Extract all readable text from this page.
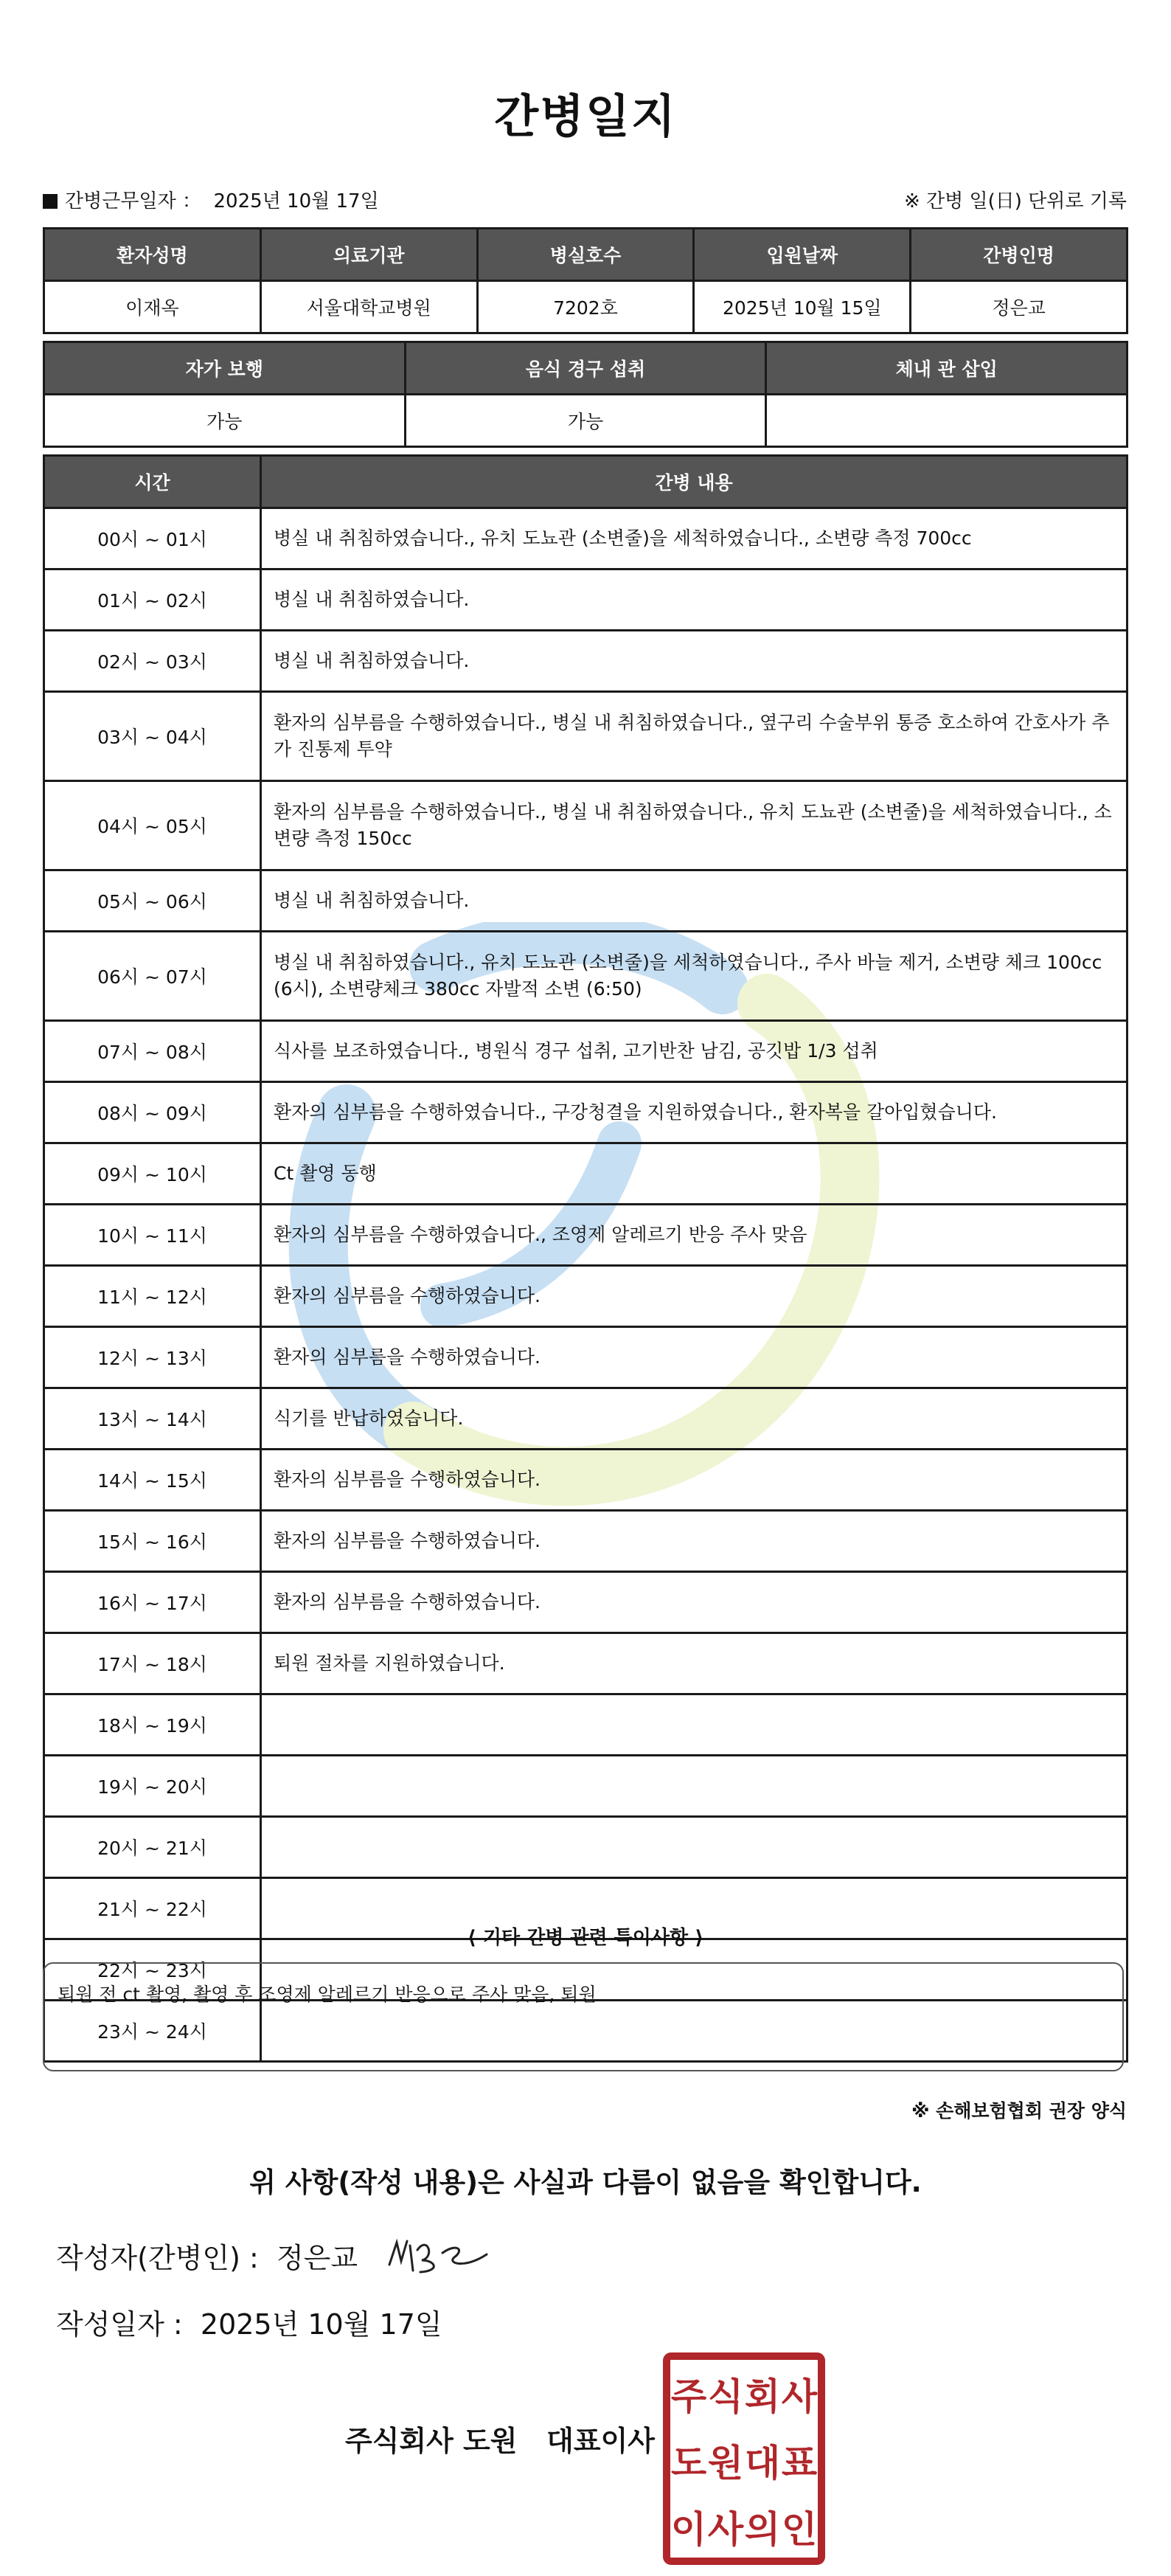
간병일지
간병근무일자 ： 2025년 10월 17일	※ 간병 일(日) 단위로 기록
환자성명	의료기관	병실호수	입원날짜	간병인명
이재옥	서울대학교병원	7202호	2025년 10월 15일	정은교
자가 보행	음식 경구 섭취	체내 관 삽입
가능	가능	
시간	간병 내용
00시 ~ 01시	병실 내 취침하였습니다., 유치 도뇨관 (소변줄)을 세척하였습니다., 소변량 측정 700cc
01시 ~ 02시	병실 내 취침하였습니다.
02시 ~ 03시	병실 내 취침하였습니다.
03시 ~ 04시	환자의 심부름을 수행하였습니다., 병실 내 취침하였습니다., 옆구리 수술부위 통증 호소하여 간호사가 추가 진통제 투약
04시 ~ 05시	환자의 심부름을 수행하였습니다., 병실 내 취침하였습니다., 유치 도뇨관 (소변줄)을 세척하였습니다., 소변량 측정 150cc
05시 ~ 06시	병실 내 취침하였습니다.
06시 ~ 07시	병실 내 취침하였습니다., 유치 도뇨관 (소변줄)을 세척하였습니다., 주사 바늘 제거, 소변량 체크 100cc (6시), 소변량체크 380cc 자발적 소변 (6:50)
07시 ~ 08시	식사를 보조하였습니다., 병원식 경구 섭취, 고기반찬 남김, 공깃밥 1/3 섭취
08시 ~ 09시	환자의 심부름을 수행하였습니다., 구강청결을 지원하였습니다., 환자복을 갈아입혔습니다.
09시 ~ 10시	Ct 촬영 동행
10시 ~ 11시	환자의 심부름을 수행하였습니다., 조영제 알레르기 반응 주사 맞음
11시 ~ 12시	환자의 심부름을 수행하였습니다.
12시 ~ 13시	환자의 심부름을 수행하였습니다.
13시 ~ 14시	식기를 반납하였습니다.
14시 ~ 15시	환자의 심부름을 수행하였습니다.
15시 ~ 16시	환자의 심부름을 수행하였습니다.
16시 ~ 17시	환자의 심부름을 수행하였습니다.
17시 ~ 18시	퇴원 절차를 지원하였습니다.
18시 ~ 19시	
19시 ~ 20시	
20시 ~ 21시	
21시 ~ 22시	
22시 ~ 23시	
23시 ~ 24시	
⟨ 기타 간병 관련 특이사항 ⟩
퇴원 전 ct 촬영, 촬영 후 조영제 알레르기 반응으로 주사 맞음, 퇴원
※ 손해보험협회 권장 양식
위 사항(작성 내용)은 사실과 다름이 없음을 확인합니다.
작성자(간병인) : 정은교
작성일자 : 2025년 10월 17일
주식회사 도원   대표이사
주 식 회 사
도 원 대 표
이 사 의 인
